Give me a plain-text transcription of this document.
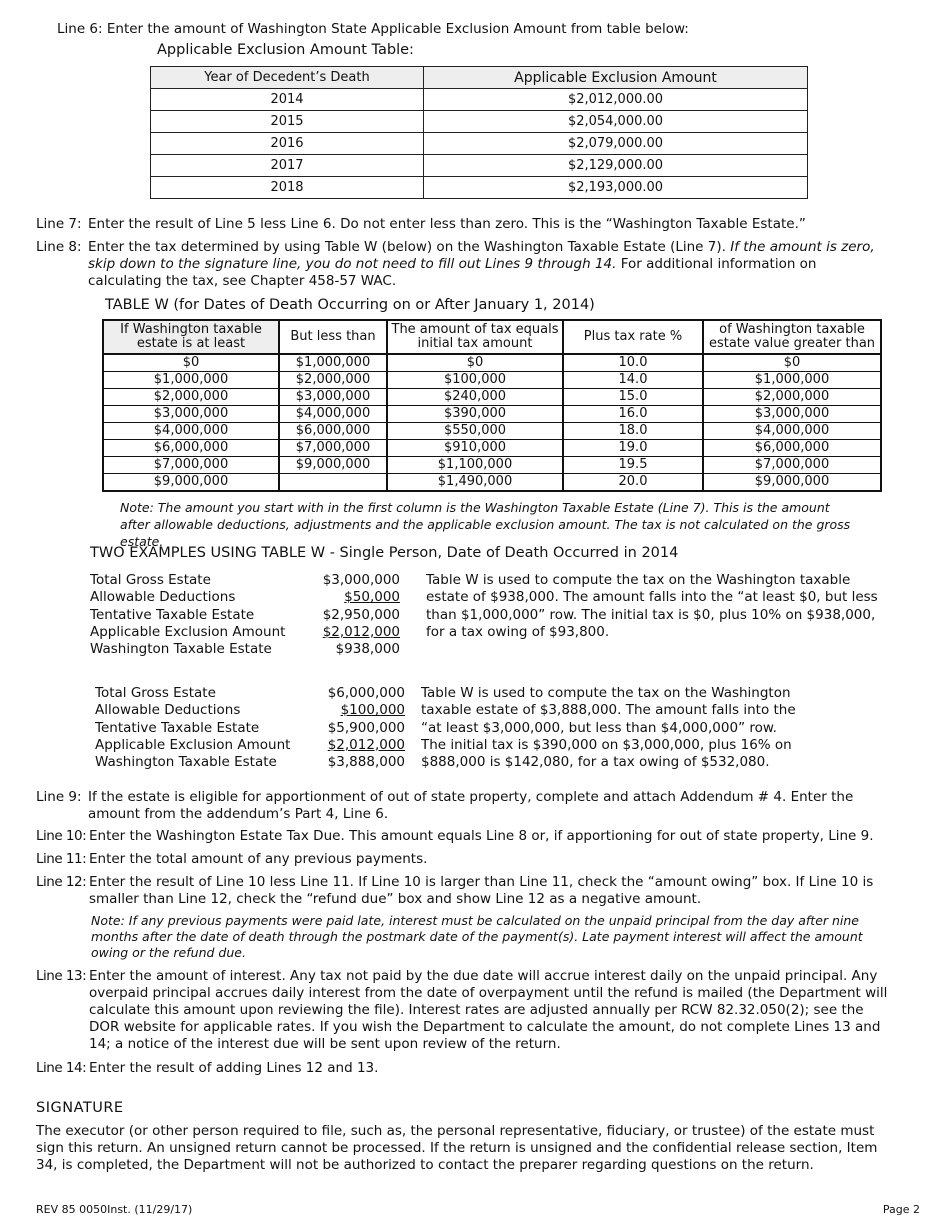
Line 6: Enter the amount of Washington State Applicable Exclusion Amount from table below:
Applicable Exclusion Amount Table:
Year of Decedent’s Death	Applicable Exclusion Amount
2014	$2,012,000.00
2015	$2,054,000.00
2016	$2,079,000.00
2017	$2,129,000.00
2018	$2,193,000.00
Line 7: Enter the result of Line 5 less Line 6. Do not enter less than zero. This is the “Washington Taxable Estate.”
Line 8: Enter the tax determined by using Table W (below) on the Washington Taxable Estate (Line 7). If the amount is zero, skip down to the signature line, you do not need to fill out Lines 9 through 14. For additional information on calculating the tax, see Chapter 458-57 WAC.
TABLE W (for Dates of Death Occurring on or After January 1, 2014)
If Washington taxable estate is at least	But less than	The amount of tax equals initial tax amount	Plus tax rate %	of Washington taxable estate value greater than
$0	$1,000,000	$0	10.0	$0
$1,000,000	$2,000,000	$100,000	14.0	$1,000,000
$2,000,000	$3,000,000	$240,000	15.0	$2,000,000
$3,000,000	$4,000,000	$390,000	16.0	$3,000,000
$4,000,000	$6,000,000	$550,000	18.0	$4,000,000
$6,000,000	$7,000,000	$910,000	19.0	$6,000,000
$7,000,000	$9,000,000	$1,100,000	19.5	$7,000,000
$9,000,000		$1,490,000	20.0	$9,000,000
Note: The amount you start with in the first column is the Washington Taxable Estate (Line 7). This is the amount after allowable deductions, adjustments and the applicable exclusion amount. The tax is not calculated on the gross estate.
TWO EXAMPLES USING TABLE W - Single Person, Date of Death Occurred in 2014
Total Gross Estate	$3,000,000
Allowable Deductions	$50,000
Tentative Taxable Estate	$2,950,000
Applicable Exclusion Amount	$2,012,000
Washington Taxable Estate	$938,000
Table W is used to compute the tax on the Washington taxable estate of $938,000. The amount falls into the “at least $0, but less than $1,000,000” row. The initial tax is $0, plus 10% on $938,000, for a tax owing of $93,800.
Total Gross Estate	$6,000,000
Allowable Deductions	$100,000
Tentative Taxable Estate	$5,900,000
Applicable Exclusion Amount	$2,012,000
Washington Taxable Estate	$3,888,000
Table W is used to compute the tax on the Washington taxable estate of $3,888,000. The amount falls into the “at least $3,000,000, but less than $4,000,000” row. The initial tax is $390,000 on $3,000,000, plus 16% on $888,000 is $142,080, for a tax owing of $532,080.
Line 9: If the estate is eligible for apportionment of out of state property, complete and attach Addendum # 4. Enter the amount from the addendum’s Part 4, Line 6.
Line 10: Enter the Washington Estate Tax Due. This amount equals Line 8 or, if apportioning for out of state property, Line 9.
Line 11: Enter the total amount of any previous payments.
Line 12: Enter the result of Line 10 less Line 11. If Line 10 is larger than Line 11, check the “amount owing” box. If Line 10 is smaller than Line 12, check the “refund due” box and show Line 12 as a negative amount.
Note: If any previous payments were paid late, interest must be calculated on the unpaid principal from the day after nine months after the date of death through the postmark date of the payment(s). Late payment interest will affect the amount owing or the refund due.
Line 13: Enter the amount of interest. Any tax not paid by the due date will accrue interest daily on the unpaid principal. Any overpaid principal accrues daily interest from the date of overpayment until the refund is mailed (the Department will calculate this amount upon reviewing the file). Interest rates are adjusted annually per RCW 82.32.050(2); see the DOR website for applicable rates. If you wish the Department to calculate the amount, do not complete Lines 13 and 14; a notice of the interest due will be sent upon review of the return.
Line 14: Enter the result of adding Lines 12 and 13.
SIGNATURE
The executor (or other person required to file, such as, the personal representative, fiduciary, or trustee) of the estate must sign this return. An unsigned return cannot be processed. If the return is unsigned and the confidential release section, Item 34, is completed, the Department will not be authorized to contact the preparer regarding questions on the return.
REV 85 0050Inst. (11/29/17)	Page 2
